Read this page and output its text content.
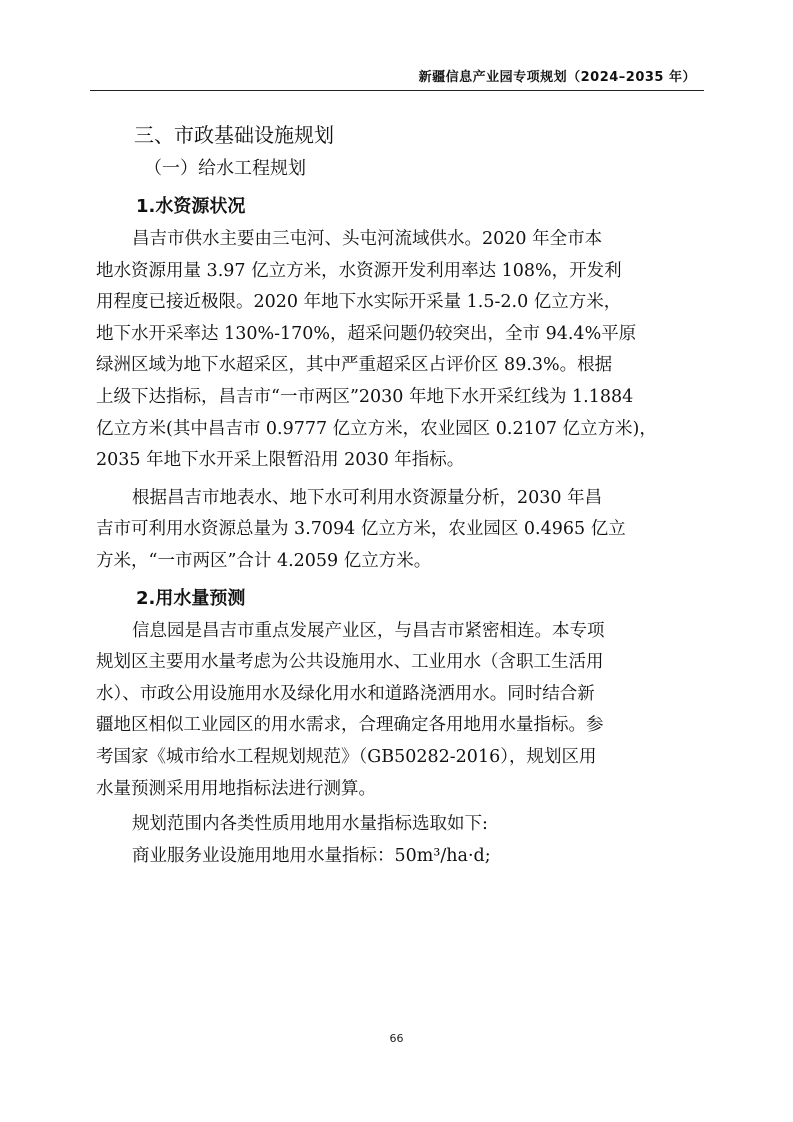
新疆信息产业园专项规划（2024–2035 年）
三、市政基础设施规划
（一）给水工程规划
1.水资源状况
昌吉市供水主要由三屯河、头屯河流域供水。2020 年全市本
地水资源用量 3.97 亿立方米，水资源开发利用率达 108%，开发利
用程度已接近极限。2020 年地下水实际开采量 1.5-2.0 亿立方米，
地下水开采率达 130%-170%，超采问题仍较突出，全市 94.4%平原
绿洲区域为地下水超采区，其中严重超采区占评价区 89.3%。根据
上级下达指标，昌吉市“一市两区”2030 年地下水开采红线为 1.1884
亿立方米(其中昌吉市 0.9777 亿立方米，农业园区 0.2107 亿立方米)，
2035 年地下水开采上限暂沿用 2030 年指标。
根据昌吉市地表水、地下水可利用水资源量分析，2030 年昌
吉市可利用水资源总量为 3.7094 亿立方米，农业园区 0.4965 亿立
方米，“一市两区”合计 4.2059 亿立方米。
2.用水量预测
信息园是昌吉市重点发展产业区，与昌吉市紧密相连。本专项
规划区主要用水量考虑为公共设施用水、工业用水（含职工生活用
水）、市政公用设施用水及绿化用水和道路浇洒用水。同时结合新
疆地区相似工业园区的用水需求，合理确定各用地用水量指标。参
考国家《城市给水工程规划规范》（GB50282-2016），规划区用
水量预测采用用地指标法进行测算。
规划范围内各类性质用地用水量指标选取如下:
商业服务业设施用地用水量指标：50m³/ha·d;
66
